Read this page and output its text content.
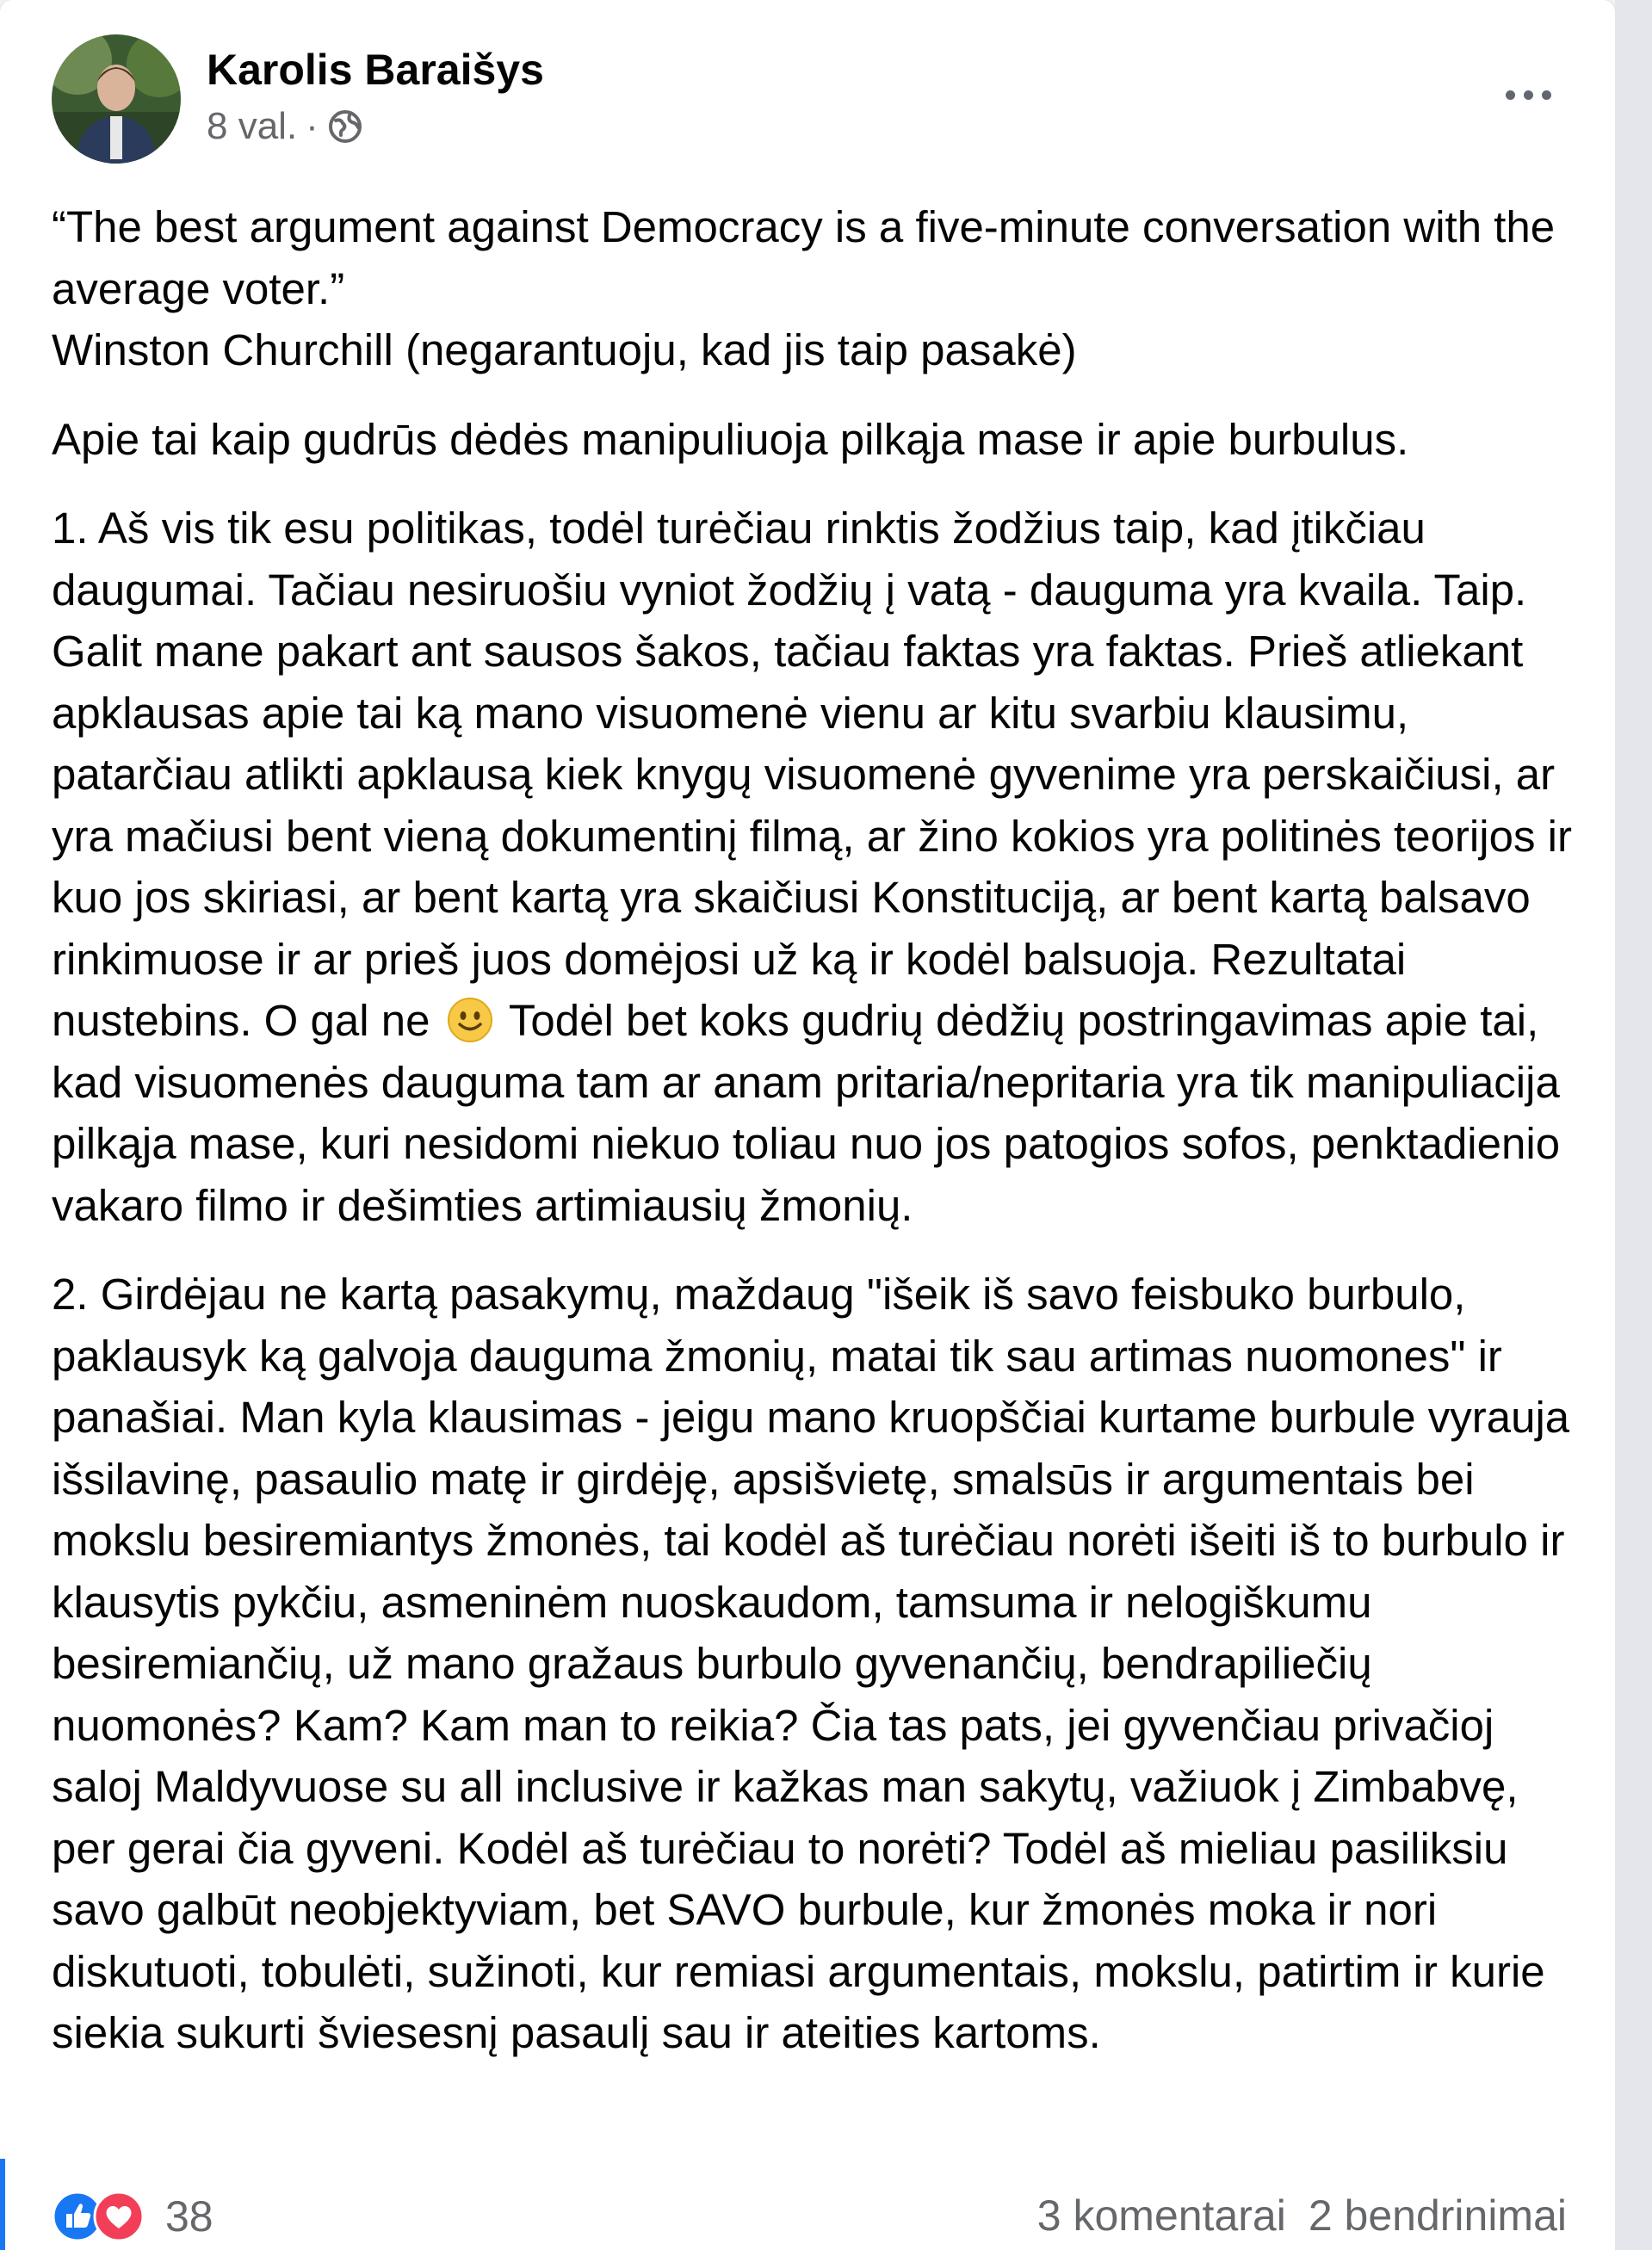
Karolis Baraišys
8 val. ·

“The best argument against Democracy is a five-minute conversation with the average voter.”

Winston Churchill (negarantuoju, kad jis taip pasakė)

Apie tai kaip gudrūs dėdės manipuliuoja pilkąja mase ir apie burbulus.

1. Aš vis tik esu politikas, todėl turėčiau rinktis žodžius taip, kad įtikčiau daugumai. Tačiau nesiruošiu vyniot žodžių į vatą - dauguma yra kvaila. Taip. Galit mane pakart ant sausos šakos, tačiau faktas yra faktas. Prieš atliekant apklausas apie tai ką mano visuomenė vienu ar kitu svarbiu klausimu, patarčiau atlikti apklausą kiek knygų visuomenė gyvenime yra perskaičiusi, ar yra mačiusi bent vieną dokumentinį filmą, ar žino kokios yra politinės teorijos ir kuo jos skiriasi, ar bent kartą yra skaičiusi Konstituciją, ar bent kartą balsavo rinkimuose ir ar prieš juos domėjosi už ką ir kodėl balsuoja. Rezultatai nustebins. O gal ne Todėl bet koks gudrių dėdžių postringavimas apie tai, kad visuomenės dauguma tam ar anam pritaria/nepritaria yra tik manipuliacija pilkąja mase, kuri nesidomi niekuo toliau nuo jos patogios sofos, penktadienio vakaro filmo ir dešimties artimiausių žmonių.

2. Girdėjau ne kartą pasakymų, maždaug "išeik iš savo feisbuko burbulo, paklausyk ką galvoja dauguma žmonių, matai tik sau artimas nuomones" ir panašiai. Man kyla klausimas - jeigu mano kruopščiai kurtame burbule vyrauja išsilavinę, pasaulio matę ir girdėję, apsišvietę, smalsūs ir argumentais bei mokslu besiremiantys žmonės, tai kodėl aš turėčiau norėti išeiti iš to burbulo ir klausytis pykčiu, asmeninėm nuoskaudom, tamsuma ir nelogiškumu besiremiančių, už mano gražaus burbulo gyvenančių, bendrapiliečių nuomonės? Kam? Kam man to reikia? Čia tas pats, jei gyvenčiau privačioj saloj Maldyvuose su all inclusive ir kažkas man sakytų, važiuok į Zimbabvę, per gerai čia gyveni. Kodėl aš turėčiau to norėti? Todėl aš mieliau pasiliksiu savo galbūt neobjektyviam, bet SAVO burbule, kur žmonės moka ir nori diskutuoti, tobulėti, sužinoti, kur remiasi argumentais, mokslu, patirtim ir kurie siekia sukurti šviesesnį pasaulį sau ir ateities kartoms.

38	3 komentarai 2 bendrinimai
